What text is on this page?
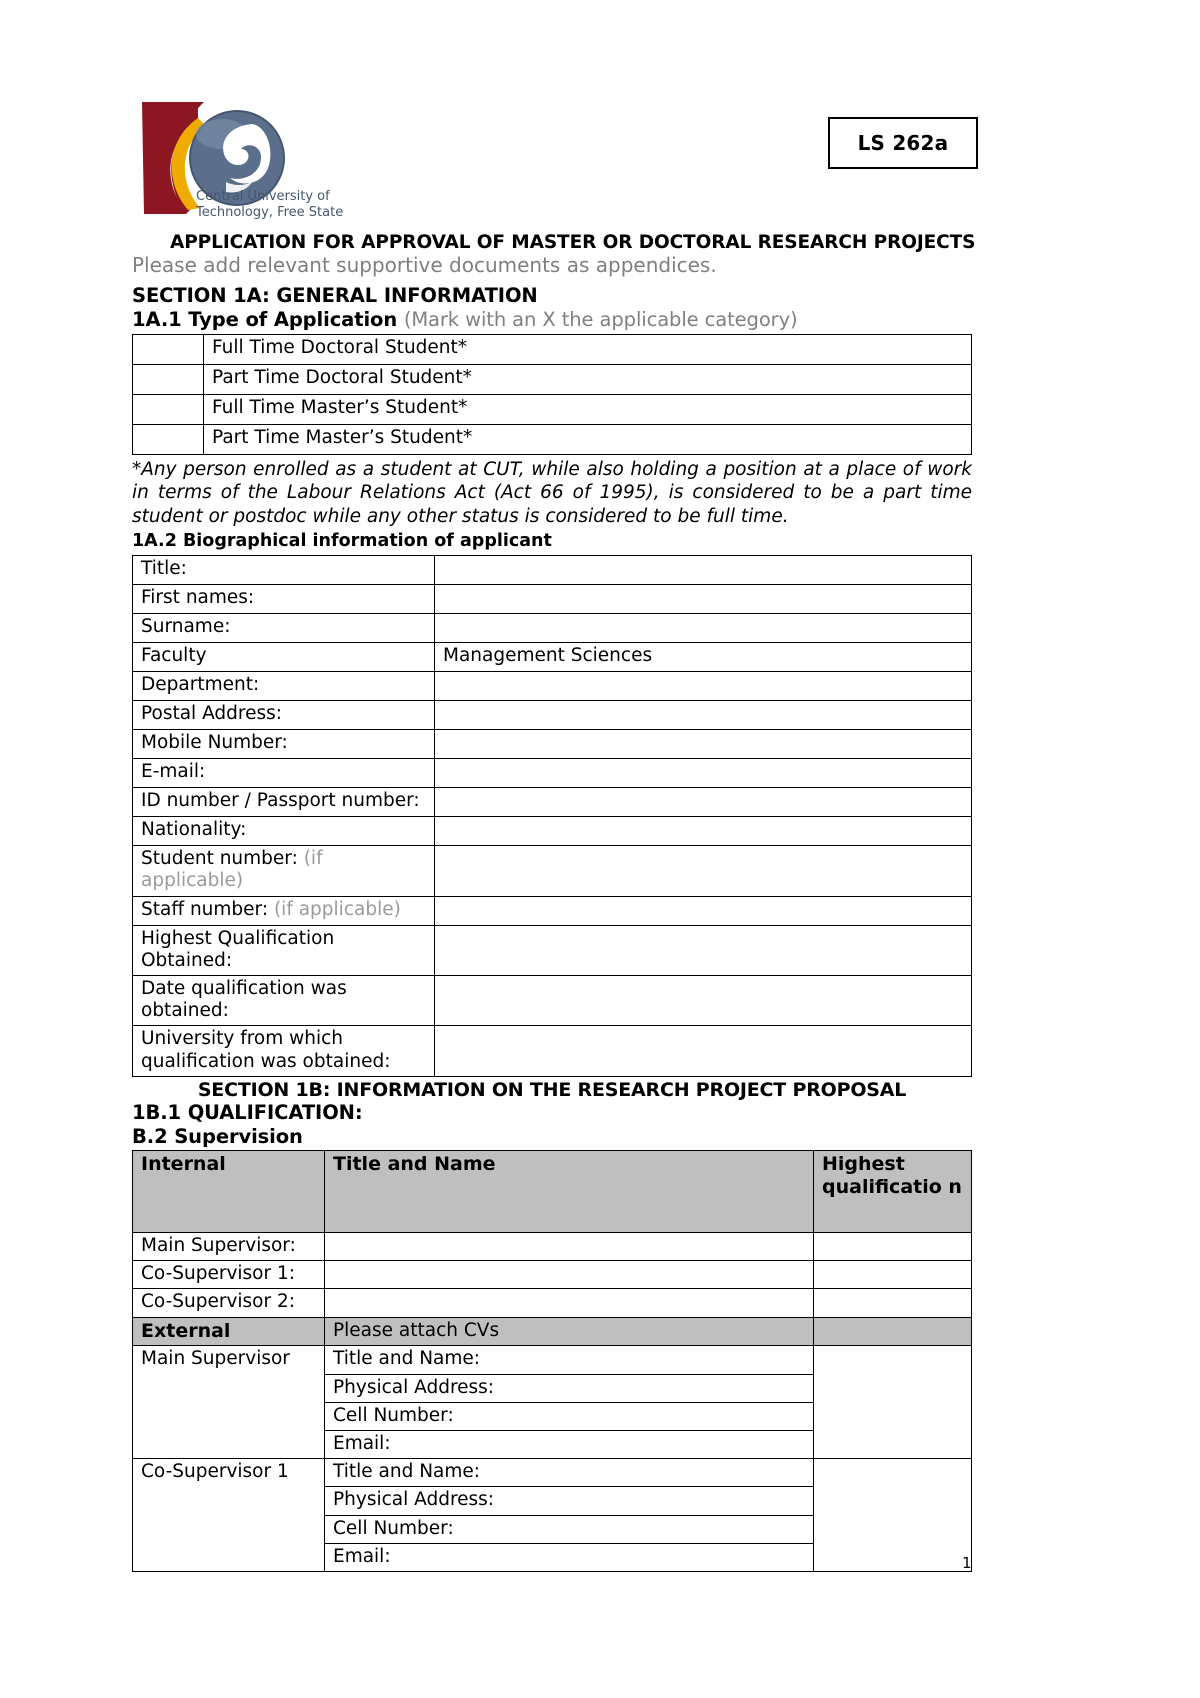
Central University of
Technology, Free State
LS 262a

APPLICATION FOR APPROVAL OF MASTER OR DOCTORAL RESEARCH PROJECTS

Please add relevant supportive documents as appendices.

SECTION 1A: GENERAL INFORMATION

1A.1 Type of Application (Mark with an X the applicable category)

	Full Time Doctoral Student*
	Part Time Doctoral Student*
	Full Time Master’s Student*
	Part Time Master’s Student*

*Any person enrolled as a student at CUT, while also holding a position at a place of work in terms of the Labour Relations Act (Act 66 of 1995), is considered to be a part time student or postdoc while any other status is considered to be full time.

1A.2 Biographical information of applicant

Title:	
First names:	
Surname:	
Faculty	Management Sciences
Department:	
Postal Address:	
Mobile Number:	
E-mail:	
ID number / Passport number:	
Nationality:	
Student number: (if applicable)	
Staff number: (if applicable)	
Highest Qualification Obtained:	
Date qualification was obtained:	
University from which qualification was obtained:	

SECTION 1B: INFORMATION ON THE RESEARCH PROJECT PROPOSAL

1B.1 QUALIFICATION:

B.2 Supervision

Internal	Title and Name	Highest qualificatio n
Main Supervisor:		
Co-Supervisor 1:		
Co-Supervisor 2:		
External	Please attach CVs	
Main Supervisor	Title and Name:
Physical Address:
Cell Number:
Email:

Co-Supervisor 1	Title and Name:
Physical Address:
Cell Number:
Email:
		1
